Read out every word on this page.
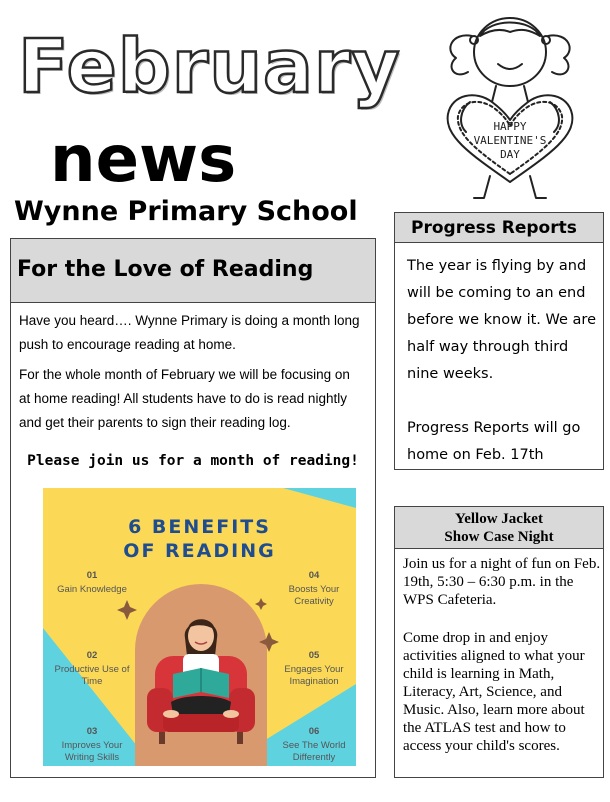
February
news
Wynne Primary School
HAPPY
VALENTINE'S
DAY
For the Love of Reading

Have you heard…. Wynne Primary is doing a month long push to encourage reading at home.

For the whole month of February we will be focusing on at home reading! All students have to do is read nightly and get their parents to sign their reading log.

Please join us for a month of reading!
6 BENEFITS
OF READING
01
Gain Knowledge
02
Productive Use of Time
03
Improves Your Writing Skills
04
Boosts Your Creativity
05
Engages Your Imagination
06
See The World Differently
Progress Reports

The year is flying by and will be coming to an end before we know it. We are half way through third nine weeks.

Progress Reports will go home on Feb. 17th

Yellow Jacket
Show Case Night

Join us for a night of fun on Feb. 19th, 5:30 – 6:30 p.m. in the WPS Cafeteria.

Come drop in and enjoy activities aligned to what your child is learning in Math, Literacy, Art, Science, and Music. Also, learn more about the ATLAS test and how to access your child's scores.
